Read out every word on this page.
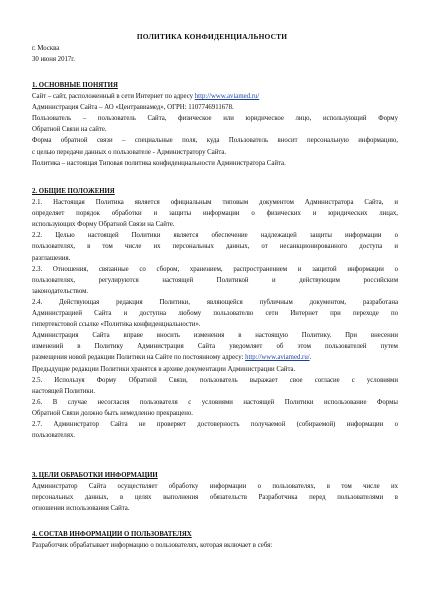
ПОЛИТИКА КОНФИДЕНЦИАЛЬНОСТИ
г. Москва
30 июня 2017г.

1. ОСНОВНЫЕ ПОНЯТИЯ

Сайт – сайт, расположенный в сети Интернет по адресу http://www.aviamed.ru/

Администрация Сайта – АО «Центравиамед», ОГРН: 1107746911678.

Пользователь – пользователь Сайта, физическое или юридическое лицо, использующий Форму

Обратной Связи на сайте.

Форма обратной связи – специальные поля, куда Пользователь вносит персональную информацию,

с целью передачи данных о пользователе - Администратору Сайта.

Политика – настоящая Типовая политика конфиденциальности Администратора Сайта.

2. ОБЩИЕ ПОЛОЖЕНИЯ

2.1. Настоящая Политика является официальным типовым документом Администратора Сайта, и

определяет порядок обработки и защиты информации о физических и юридических лицах,

использующих Форму Обратной Связи на Сайте.

2.2. Целью настоящей Политики является обеспечение надлежащей защиты информации о

пользователях, в том числе их персональных данных, от несанкционированного доступа и

разглашения.

2.3. Отношения, связанные со сбором, хранением, распространением и защитой информации о

пользователях, регулируются настоящей Политикой и действующим российским

законодательством.

2.4. Действующая редакция Политики, являющейся публичным документом, разработана

Администрацией Сайта и доступна любому пользователю сети Интернет при переходе по

гипертекстовой ссылке «Политика конфиденциальности».

Администрация Сайта вправе вносить изменения в настоящую Политику. При внесении

изменений в Политику Администрация Сайта уведомляет об этом пользователей путем

размещения новой редакции Политики на Сайте по постоянному адресу: http://www.aviamed.ru/.

Предыдущие редакции Политики хранятся в архиве документации Администрации Сайта.

2.5. Используя Форму Обратной Связи, пользователь выражает свое согласие с условиями

настоящей Политики.

2.6. В случае несогласия пользователя с условиями настоящей Политики использование Формы

Обратной Связи должно быть немедленно прекращено.

2.7. Администратор Сайта не проверяет достоверность получаемой (собираемой) информации о

пользователях.

3. ЦЕЛИ ОБРАБОТКИ ИНФОРМАЦИИ

Администратор Сайта осуществляет обработку информации о пользователях, в том числе их

персональных данных, в целях выполнения обязательств Разработчика перед пользователями в

отношении использования Сайта.

4. СОСТАВ ИНФОРМАЦИИ О ПОЛЬЗОВАТЕЛЯХ

Разработчик обрабатывает информацию о пользователях, которая включает в себя:
